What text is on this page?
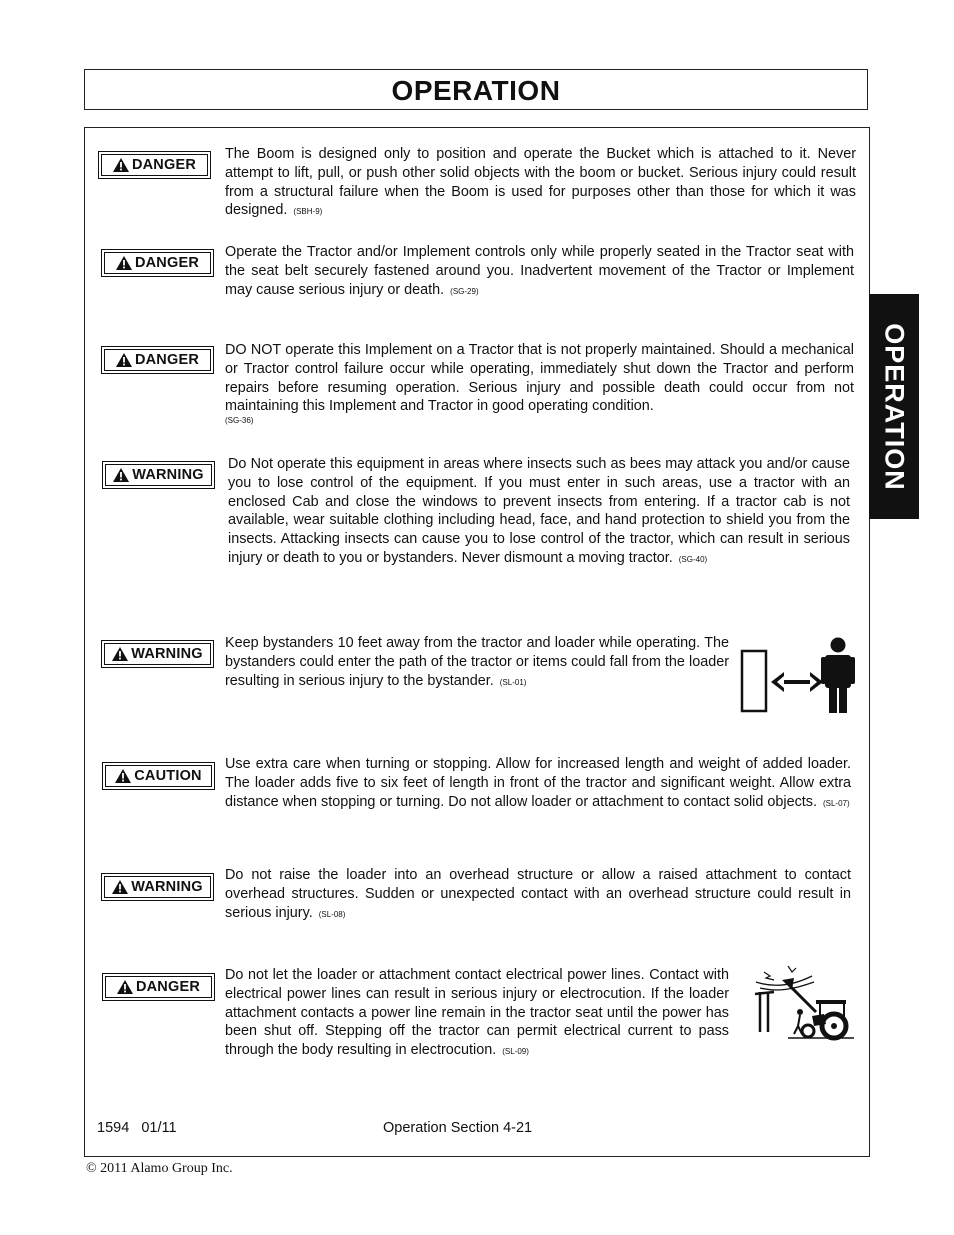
OPERATION
OPERATION
DANGER
The Boom is designed only to position and operate the Bucket which is attached to it. Never attempt to lift, pull, or push other solid objects with the boom or bucket. Serious injury could result from a structural failure when the Boom is used for purposes other than those for which it was designed. (SBH-9)
DANGER
Operate the Tractor and/or Implement controls only while properly seated in the Tractor seat with the seat belt securely fastened around you. Inadvertent movement of the Tractor or Implement may cause serious injury or death. (SG-29)
DANGER
DO NOT operate this Implement on a Tractor that is not properly maintained. Should a mechanical or Tractor control failure occur while operating, immediately shut down the Tractor and perform repairs before resuming operation. Serious injury and possible death could occur from not maintaining this Implement and Tractor in good operating condition.
(SG-36)
WARNING
Do Not operate this equipment in areas where insects such as bees may attack you and/or cause you to lose control of the equipment. If you must enter in such areas, use a tractor with an enclosed Cab and close the windows to prevent insects from entering. If a tractor cab is not available, wear suitable clothing including head, face, and hand protection to shield you from the insects. Attacking insects can cause you to lose control of the tractor, which can result in serious injury or death to you or bystanders. Never dismount a moving tractor. (SG-40)
WARNING
Keep bystanders 10 feet away from the tractor and loader while operating. The bystanders could enter the path of the tractor or items could fall from the loader resulting in serious injury to the bystander. (SL-01)
CAUTION
Use extra care when turning or stopping. Allow for increased length and weight of added loader. The loader adds five to six feet of length in front of the tractor and significant weight. Allow extra distance when stopping or turning. Do not allow loader or attachment to contact solid objects. (SL-07)
WARNING
Do not raise the loader into an overhead structure or allow a raised attachment to contact overhead structures. Sudden or unexpected contact with an overhead structure could result in serious injury. (SL-08)
DANGER
Do not let the loader or attachment contact electrical power lines. Contact with electrical power lines can result in serious injury or electrocution. If the loader attachment contacts a power line remain in the tractor seat until the power has been shut off. Stepping off the tractor can permit electrical current to pass through the body resulting in electrocution. (SL-09)
1594   01/11	Operation Section 4-21
© 2011 Alamo Group Inc.
